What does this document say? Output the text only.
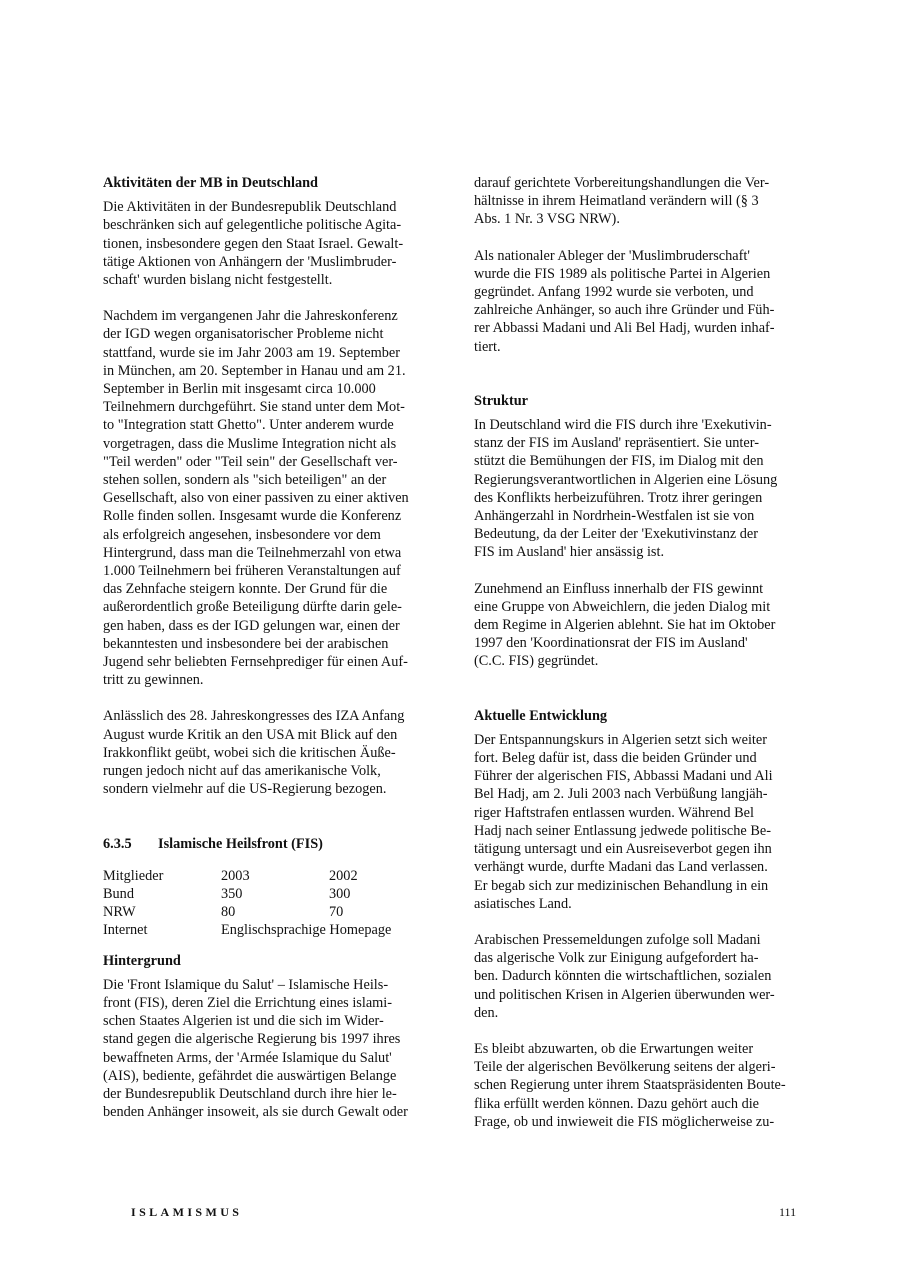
Aktivitäten der MB in Deutschland

Die Aktivitäten in der Bundesrepublik Deutschland
beschränken sich auf gelegentliche politische Agita-
tionen, insbesondere gegen den Staat Israel. Gewalt-
tätige Aktionen von Anhängern der 'Muslimbruder-
schaft' wurden bislang nicht festgestellt.

Nachdem im vergangenen Jahr die Jahreskonferenz
der IGD wegen organisatorischer Probleme nicht
stattfand, wurde sie im Jahr 2003 am 19. September
in München, am 20. September in Hanau und am 21.
September in Berlin mit insgesamt circa 10.000
Teilnehmern durchgeführt. Sie stand unter dem Mot-
to "Integration statt Ghetto". Unter anderem wurde
vorgetragen, dass die Muslime Integration nicht als
"Teil werden" oder "Teil sein" der Gesellschaft ver-
stehen sollen, sondern als "sich beteiligen" an der
Gesellschaft, also von einer passiven zu einer aktiven
Rolle finden sollen. Insgesamt wurde die Konferenz
als erfolgreich angesehen, insbesondere vor dem
Hintergrund, dass man die Teilnehmerzahl von etwa
1.000 Teilnehmern bei früheren Veranstaltungen auf
das Zehnfache steigern konnte. Der Grund für die
außerordentlich große Beteiligung dürfte darin gele-
gen haben, dass es der IGD gelungen war, einen der
bekanntesten und insbesondere bei der arabischen
Jugend sehr beliebten Fernsehprediger für einen Auf-
tritt zu gewinnen.

Anlässlich des 28. Jahreskongresses des IZA Anfang
August wurde Kritik an den USA mit Blick auf den
Irakkonflikt geübt, wobei sich die kritischen Äuße-
rungen jedoch nicht auf das amerikanische Volk,
sondern vielmehr auf die US-Regierung bezogen.

6.3.5	Islamische Heilsfront (FIS)
Mitglieder	2003	2002
Bund	350	300
NRW	80	70
Internet	Englischsprachige Homepage	
Hintergrund

Die 'Front Islamique du Salut' – Islamische Heils-
front (FIS), deren Ziel die Errichtung eines islami-
schen Staates Algerien ist und die sich im Wider-
stand gegen die algerische Regierung bis 1997 ihres
bewaffneten Arms, der 'Armée Islamique du Salut'
(AIS), bediente, gefährdet die auswärtigen Belange
der Bundesrepublik Deutschland durch ihre hier le-
benden Anhänger insoweit, als sie durch Gewalt oder

darauf gerichtete Vorbereitungshandlungen die Ver-
hältnisse in ihrem Heimatland verändern will (§ 3
Abs. 1 Nr. 3 VSG NRW).

Als nationaler Ableger der 'Muslimbruderschaft'
wurde die FIS 1989 als politische Partei in Algerien
gegründet. Anfang 1992 wurde sie verboten, und
zahlreiche Anhänger, so auch ihre Gründer und Füh-
rer Abbassi Madani und Ali Bel Hadj, wurden inhaf-
tiert.

Struktur

In Deutschland wird die FIS durch ihre 'Exekutivin-
stanz der FIS im Ausland' repräsentiert. Sie unter-
stützt die Bemühungen der FIS, im Dialog mit den
Regierungsverantwortlichen in Algerien eine Lösung
des Konflikts herbeizuführen. Trotz ihrer geringen
Anhängerzahl in Nordrhein-Westfalen ist sie von
Bedeutung, da der Leiter der 'Exekutivinstanz der
FIS im Ausland' hier ansässig ist.

Zunehmend an Einfluss innerhalb der FIS gewinnt
eine Gruppe von Abweichlern, die jeden Dialog mit
dem Regime in Algerien ablehnt. Sie hat im Oktober
1997 den 'Koordinationsrat der FIS im Ausland'
(C.C. FIS) gegründet.

Aktuelle Entwicklung

Der Entspannungskurs in Algerien setzt sich weiter
fort. Beleg dafür ist, dass die beiden Gründer und
Führer der algerischen FIS, Abbassi Madani und Ali
Bel Hadj, am 2. Juli 2003 nach Verbüßung langjäh-
riger Haftstrafen entlassen wurden. Während Bel
Hadj nach seiner Entlassung jedwede politische Be-
tätigung untersagt und ein Ausreiseverbot gegen ihn
verhängt wurde, durfte Madani das Land verlassen.
Er begab sich zur medizinischen Behandlung in ein
asiatisches Land.

Arabischen Pressemeldungen zufolge soll Madani
das algerische Volk zur Einigung aufgefordert ha-
ben. Dadurch könnten die wirtschaftlichen, sozialen
und politischen Krisen in Algerien überwunden wer-
den.

Es bleibt abzuwarten, ob die Erwartungen weiter
Teile der algerischen Bevölkerung seitens der algeri-
schen Regierung unter ihrem Staatspräsidenten Boute-
flika erfüllt werden können. Dazu gehört auch die
Frage, ob und inwieweit die FIS möglicherweise zu-

ISLAMISMUS	111
